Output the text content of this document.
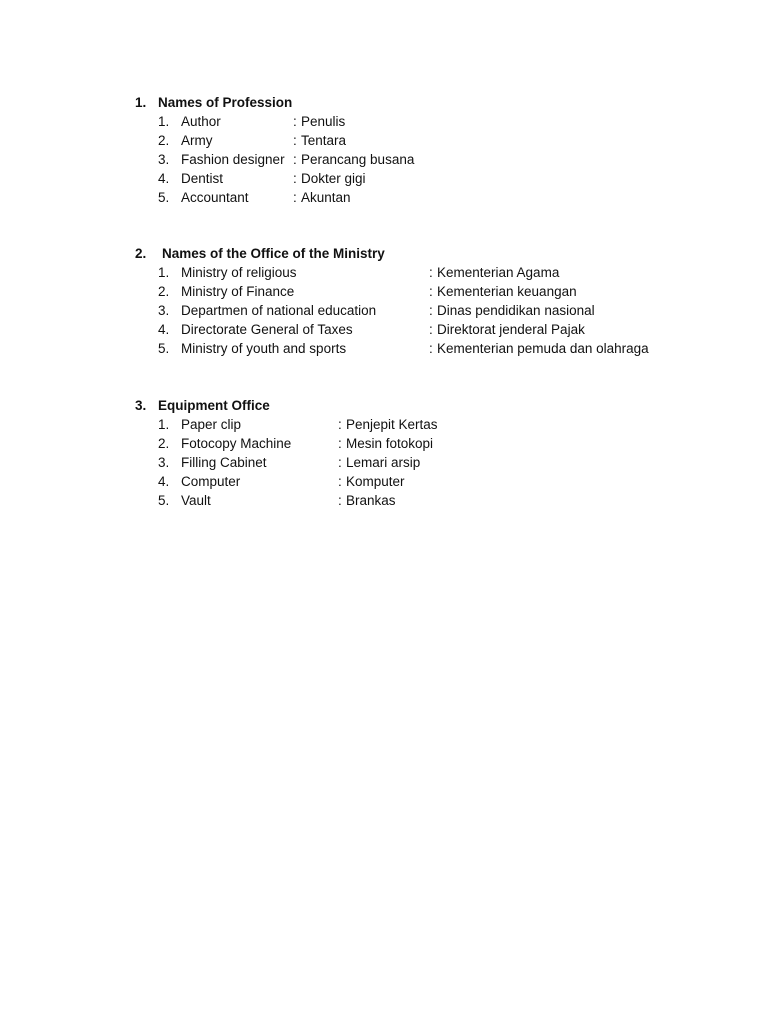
1. Names of Profession
1. Author	: Penulis
2. Army	: Tentara
3. Fashion designer : Perancang busana
4. Dentist	: Dokter gigi
5. Accountant	: Akuntan
2. Names of the Office of the Ministry
1. Ministry of religious	: Kementerian Agama
2. Ministry of Finance	: Kementerian keuangan
3. Departmen of national education	: Dinas pendidikan nasional
4. Directorate General of Taxes	: Direktorat jenderal Pajak
5. Ministry of youth and sports	: Kementerian pemuda dan olahraga
3. Equipment Office
1. Paper clip	: Penjepit Kertas
2. Fotocopy Machine	: Mesin fotokopi
3. Filling Cabinet	: Lemari arsip
4. Computer	: Komputer
5. Vault	: Brankas
